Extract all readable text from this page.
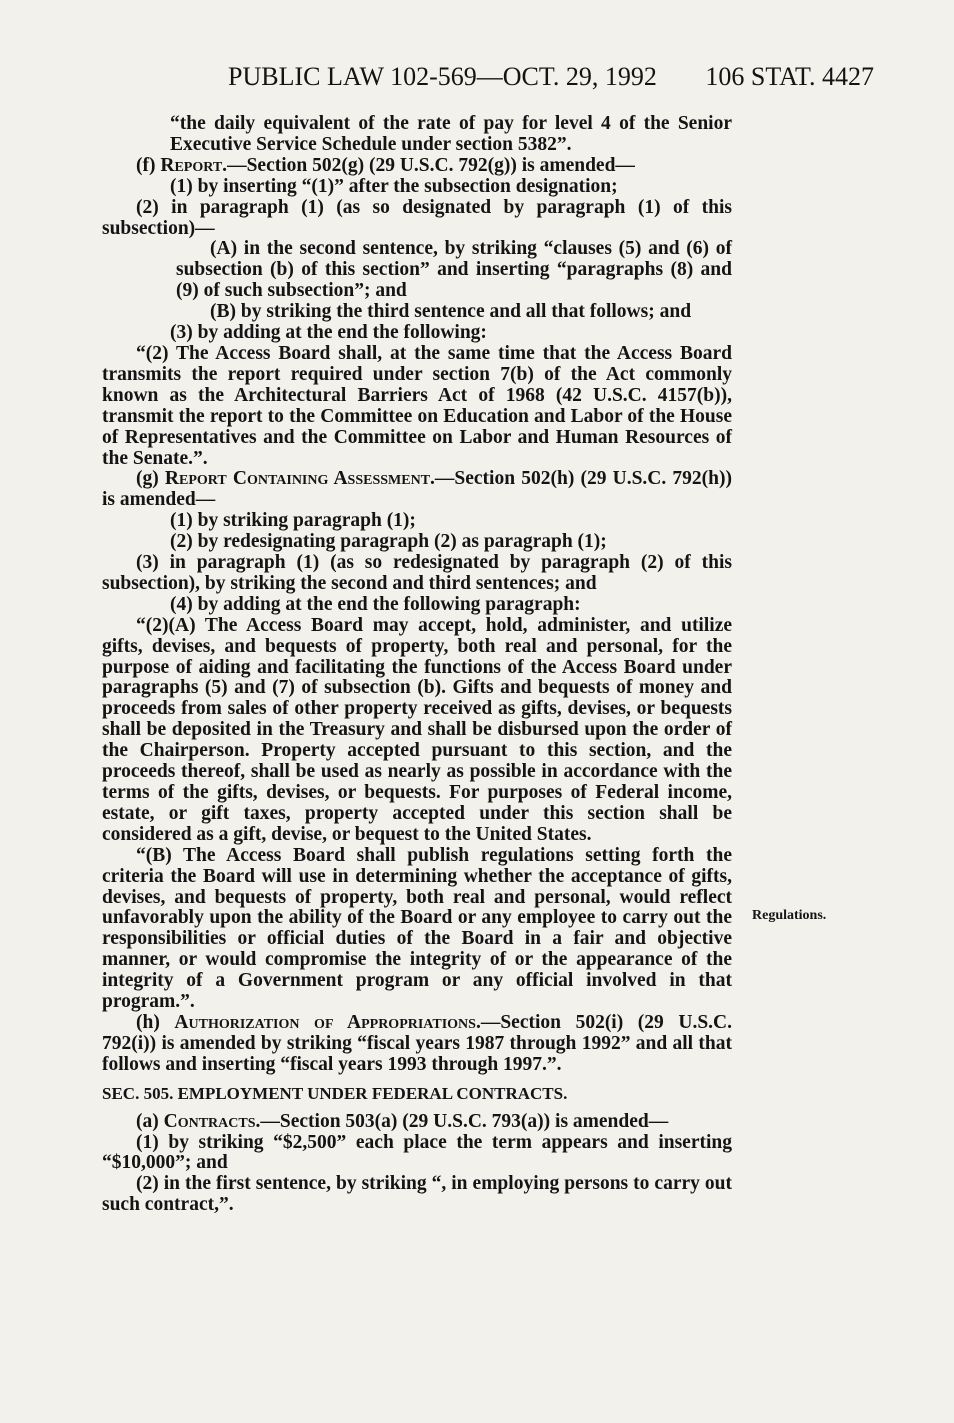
PUBLIC LAW 102-569—OCT. 29, 1992 106 STAT. 4427

“the daily equivalent of the rate of pay for level 4 of the Senior Executive Service Schedule under section 5382”.

(f) Report.—Section 502(g) (29 U.S.C. 792(g)) is amended—

(1) by inserting “(1)” after the subsection designation;

(2) in paragraph (1) (as so designated by paragraph (1) of this subsection)—

(A) in the second sentence, by striking “clauses (5) and (6) of subsection (b) of this section” and inserting “paragraphs (8) and (9) of such subsection”; and

(B) by striking the third sentence and all that follows; and

(3) by adding at the end the following:

“(2) The Access Board shall, at the same time that the Access Board transmits the report required under section 7(b) of the Act commonly known as the Architectural Barriers Act of 1968 (42 U.S.C. 4157(b)), transmit the report to the Committee on Education and Labor of the House of Representatives and the Committee on Labor and Human Resources of the Senate.”.

(g) Report Containing Assessment.—Section 502(h) (29 U.S.C. 792(h)) is amended—

(1) by striking paragraph (1);

(2) by redesignating paragraph (2) as paragraph (1);

(3) in paragraph (1) (as so redesignated by paragraph (2) of this subsection), by striking the second and third sentences; and

(4) by adding at the end the following paragraph:

“(2)(A) The Access Board may accept, hold, administer, and utilize gifts, devises, and bequests of property, both real and personal, for the purpose of aiding and facilitating the functions of the Access Board under paragraphs (5) and (7) of subsection (b). Gifts and bequests of money and proceeds from sales of other property received as gifts, devises, or bequests shall be deposited in the Treasury and shall be disbursed upon the order of the Chairperson. Property accepted pursuant to this section, and the proceeds thereof, shall be used as nearly as possible in accordance with the terms of the gifts, devises, or bequests. For purposes of Federal income, estate, or gift taxes, property accepted under this section shall be considered as a gift, devise, or bequest to the United States.

“(B) The Access Board shall publish regulations setting forth the criteria the Board will use in determining whether the acceptance of gifts, devises, and bequests of property, both real and personal, would reflect unfavorably upon the ability of the Board or any employee to carry out the responsibilities or official duties of the Board in a fair and objective manner, or would compromise the integrity of or the appearance of the integrity of a Government program or any official involved in that program.”.

(h) Authorization of Appropriations.—Section 502(i) (29 U.S.C. 792(i)) is amended by striking “fiscal years 1987 through 1992” and all that follows and inserting “fiscal years 1993 through 1997.”.

SEC. 505. EMPLOYMENT UNDER FEDERAL CONTRACTS.

(a) Contracts.—Section 503(a) (29 U.S.C. 793(a)) is amended—

(1) by striking “$2,500” each place the term appears and inserting “$10,000”; and

(2) in the first sentence, by striking “, in employing persons to carry out such contract,”.

Regulations.
